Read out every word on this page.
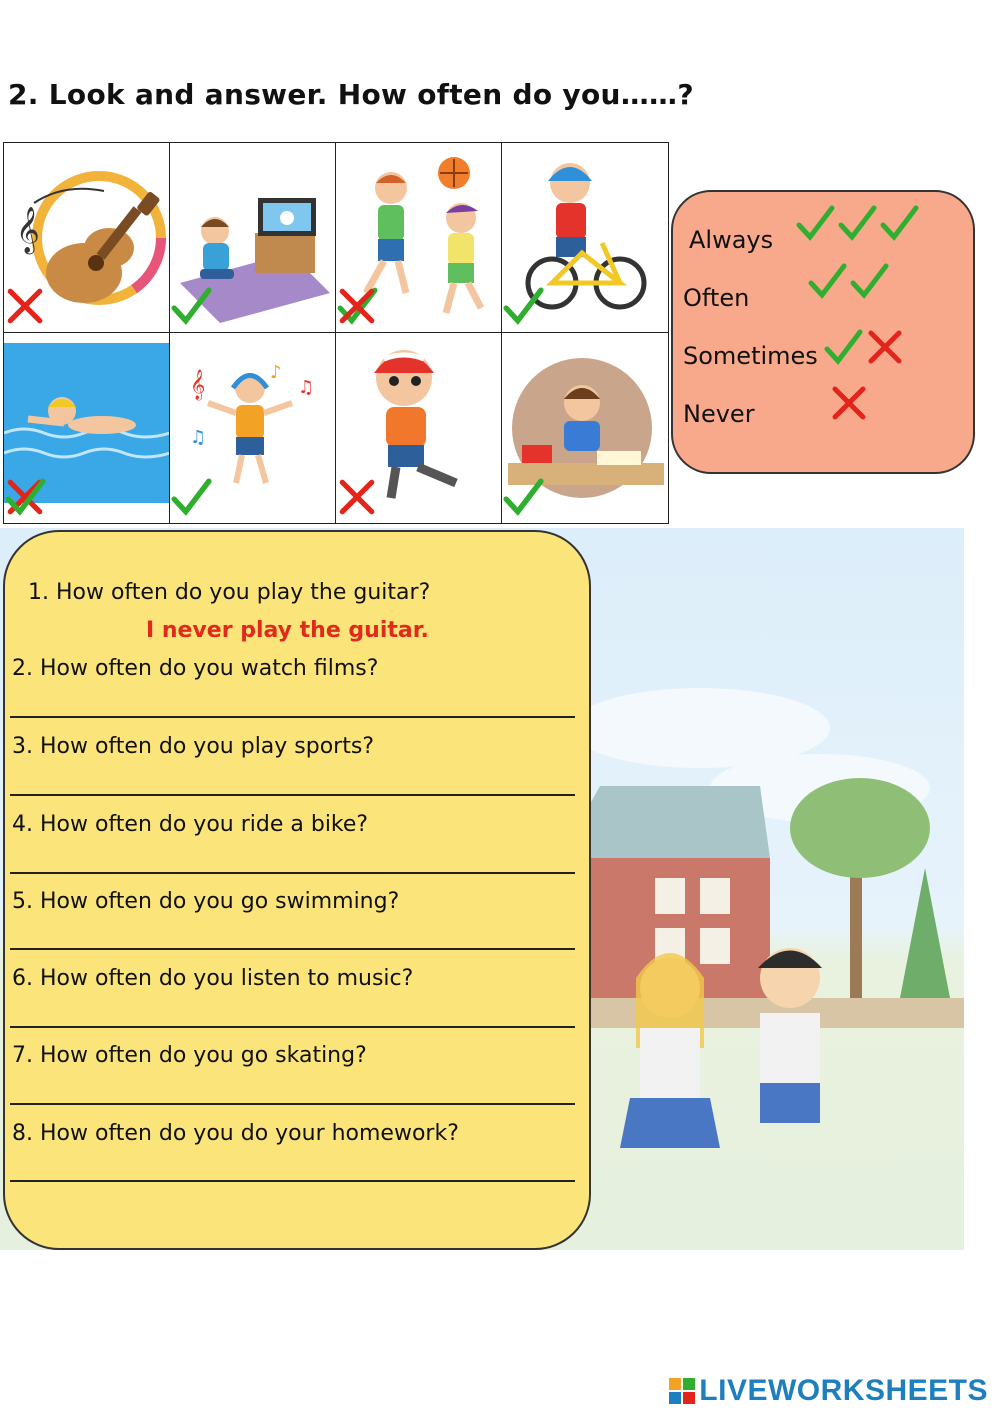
2. Look and answer. How often do you……?
𝄞
𝄞	♪
♫
♫
Always
Often
Sometimes
Never
1. How often do you play the guitar?
I never play the guitar.
2. How often do you watch films?
3. How often do you play sports?
4. How often do you ride a bike?
5. How often do you go swimming?
6. How often do you listen to music?
7. How often do you go skating?
8. How often do you do your homework?
LIVEWORKSHEETS
